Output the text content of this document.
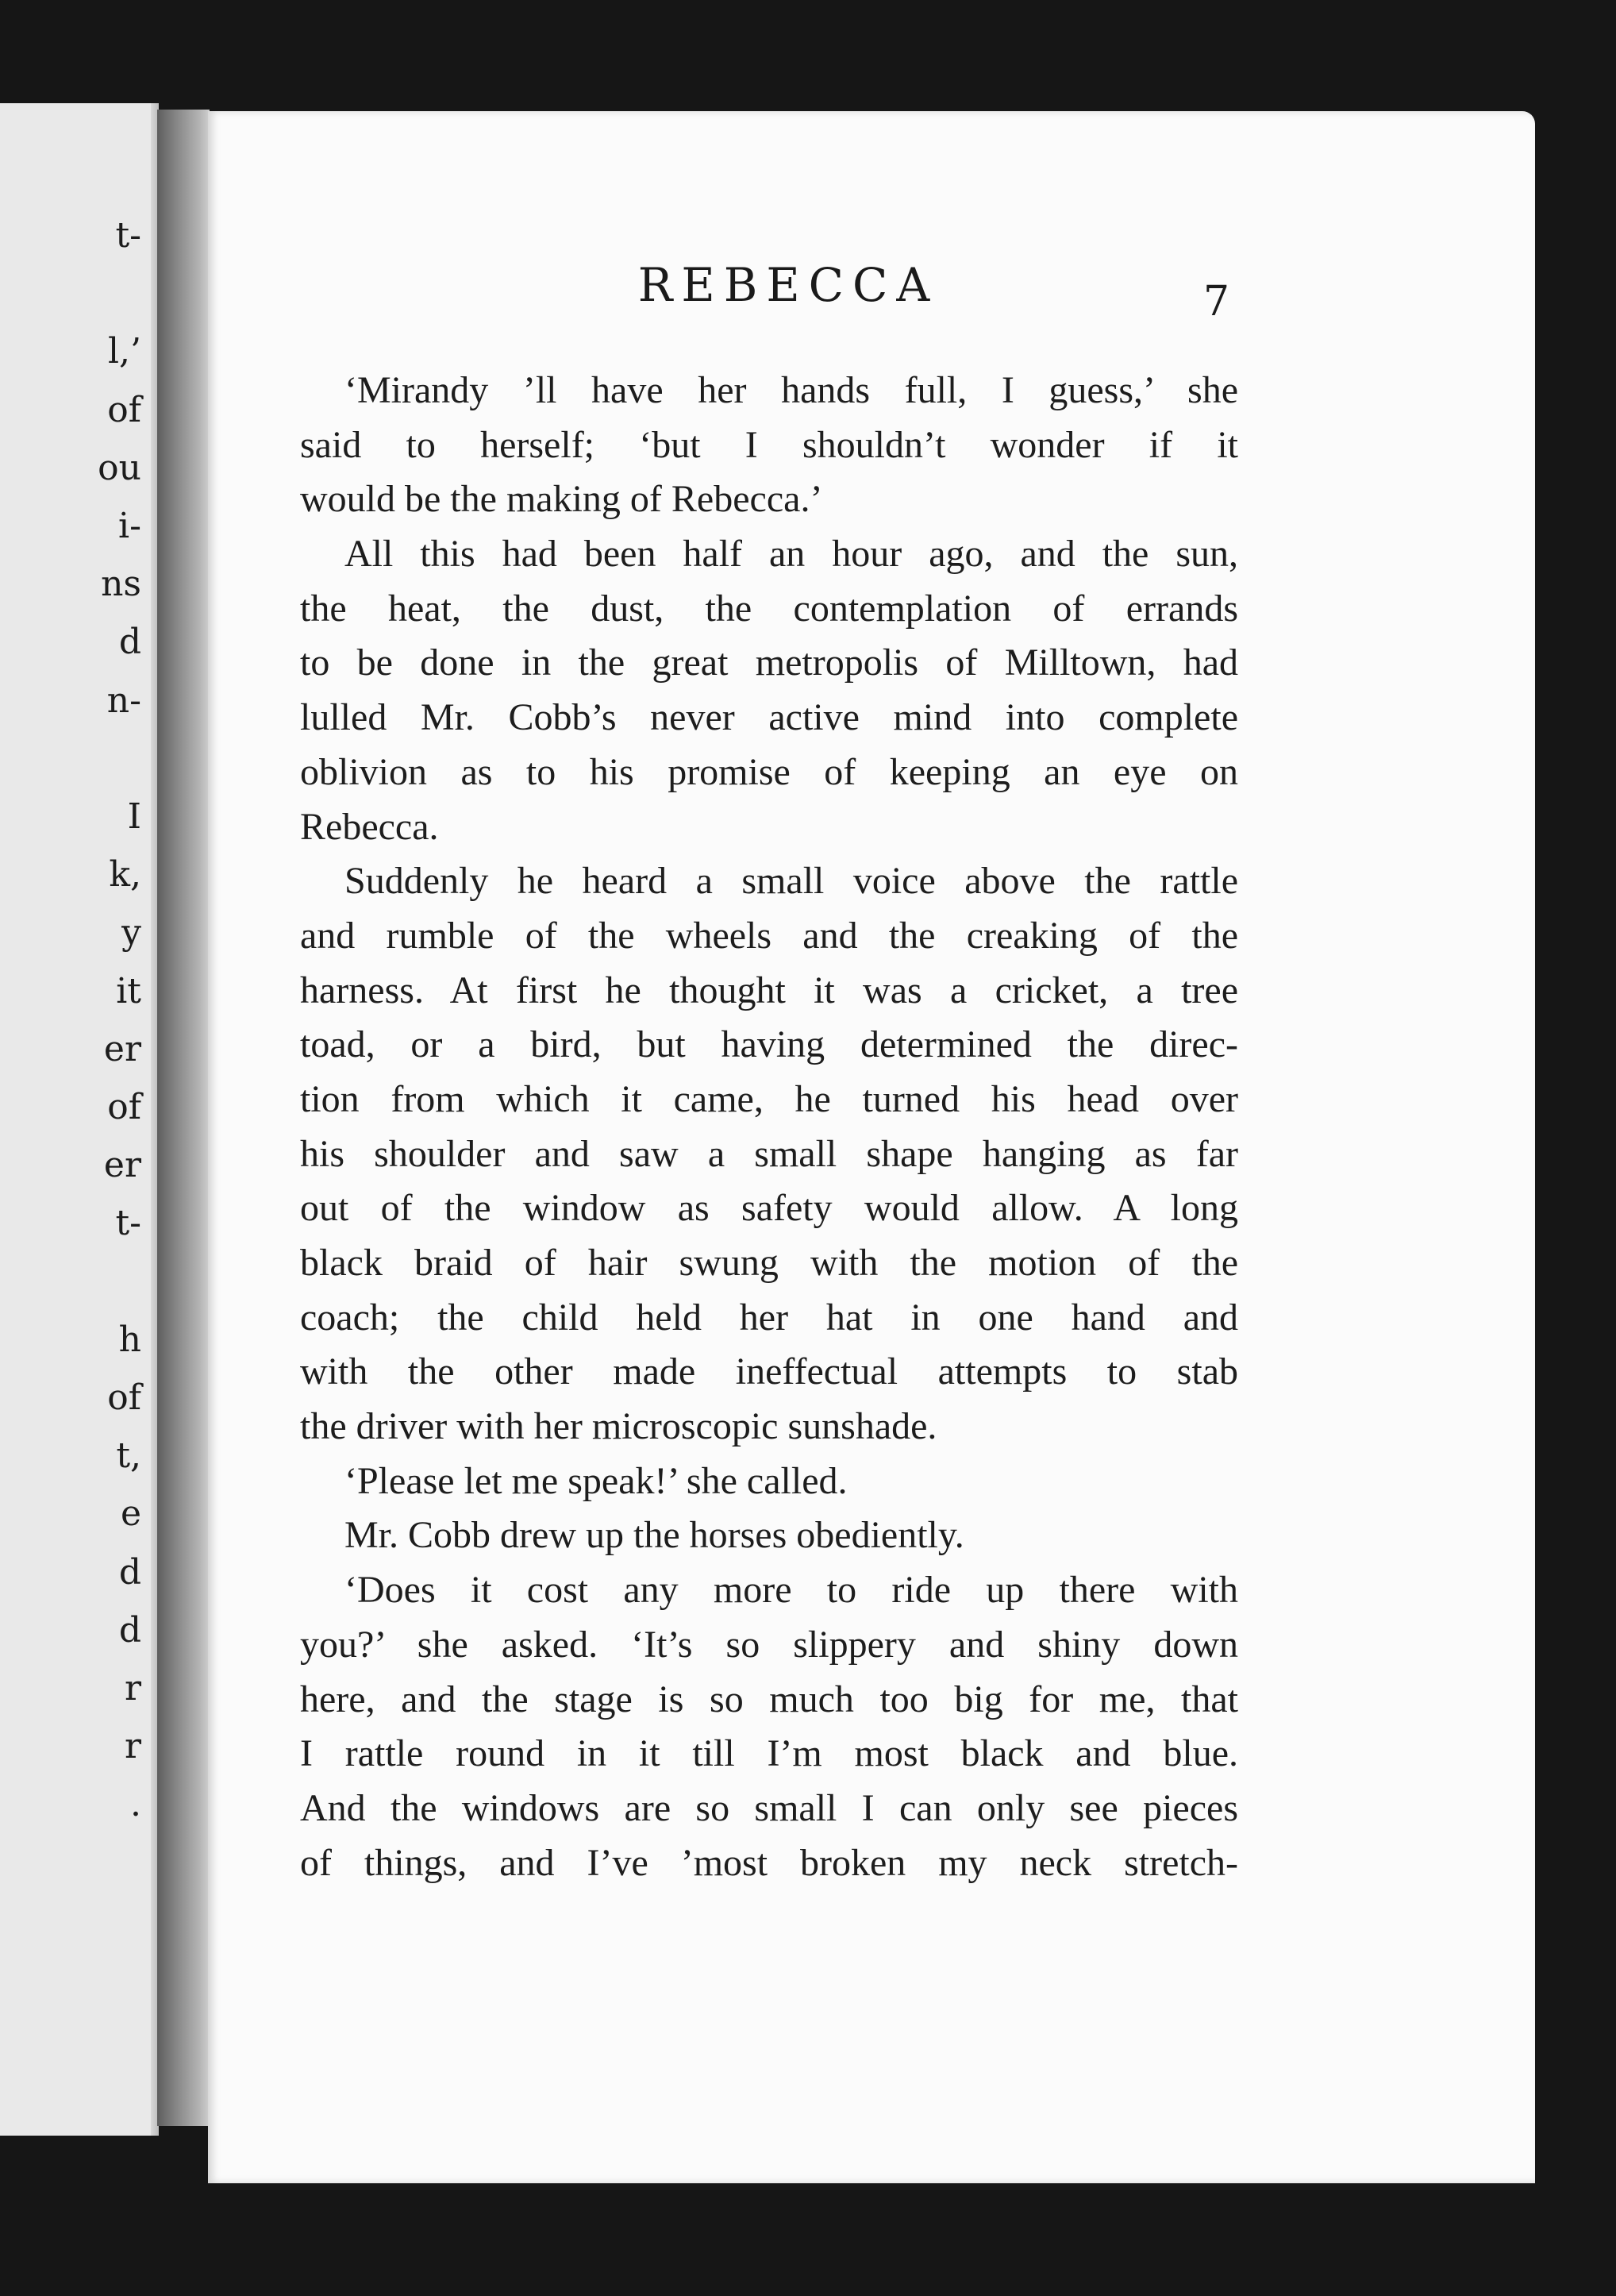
t-
l,’
of
ou
i-
ns
d
n-
I
k,
y
it
er
of
er
t-
h
of
t,
e
d
d
r
r
.
REBECCA	7
‘Mirandy ’ll have her hands full, I guess,’ she
said to herself; ‘but I shouldn’t wonder if it
would be the making of Rebecca.’
All this had been half an hour ago, and the sun,
the heat, the dust, the contemplation of errands
to be done in the great metropolis of Milltown, had
lulled Mr. Cobb’s never active mind into complete
oblivion as to his promise of keeping an eye on
Rebecca.
Suddenly he heard a small voice above the rattle
and rumble of the wheels and the creaking of the
harness. At first he thought it was a cricket, a tree
toad, or a bird, but having determined the direc-
tion from which it came, he turned his head over
his shoulder and saw a small shape hanging as far
out of the window as safety would allow. A long
black braid of hair swung with the motion of the
coach; the child held her hat in one hand and
with the other made ineffectual attempts to stab
the driver with her microscopic sunshade.
‘Please let me speak!’ she called.
Mr. Cobb drew up the horses obediently.
‘Does it cost any more to ride up there with
you?’ she asked. ‘It’s so slippery and shiny down
here, and the stage is so much too big for me, that
I rattle round in it till I’m most black and blue.
And the windows are so small I can only see pieces
of things, and I’ve ’most broken my neck stretch-
